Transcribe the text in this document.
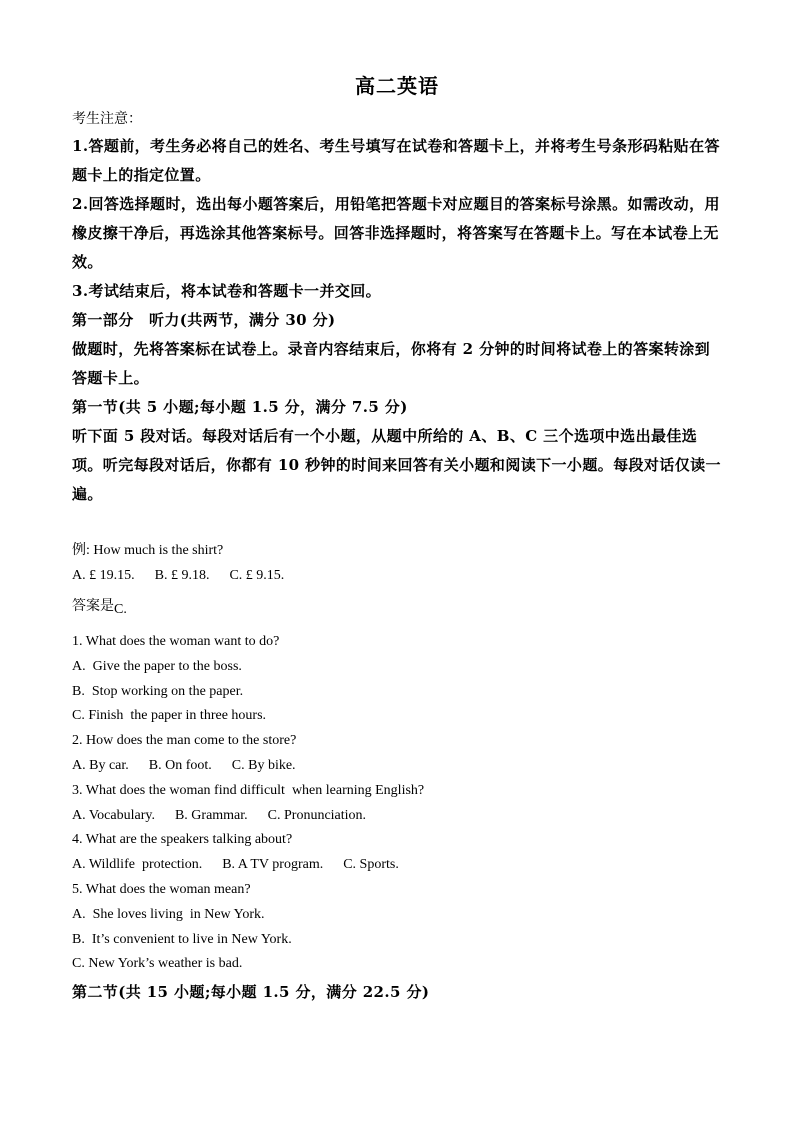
高二英语

考生注意：

1.答题前，考生务必将自己的姓名、考生号填写在试卷和答题卡上，并将考生号条形码粘贴在答题卡上的指定位置。

2.回答选择题时，选出每小题答案后，用铅笔把答题卡对应题目的答案标号涂黑。如需改动，用橡皮擦干净后，再选涂其他答案标号。回答非选择题时，将答案写在答题卡上。写在本试卷上无效。

3.考试结束后，将本试卷和答题卡一并交回。

第一部分　听力(共两节，满分 30 分)

做题时，先将答案标在试卷上。录音内容结束后，你将有 2 分钟的时间将试卷上的答案转涂到答题卡上。

第一节(共 5 小题;每小题 1.5 分，满分 7.5 分)

听下面 5 段对话。每段对话后有一个小题，从题中所给的 A、B、C 三个选项中选出最佳选项。听完每段对话后，你都有 10 秒钟的时间来回答有关小题和阅读下一小题。每段对话仅读一遍。

例: How much is the shirt?

A. £ 19.15. B. £ 9.18. C. £ 9.15.

答案是C.

1. What does the woman want to do?

A.  Give the paper to the boss.

B.  Stop working on the paper.

C. Finish  the paper in three hours.

2. How does the man come to the store?

A. By car. B. On foot. C. By bike.

3. What does the woman find difficult  when learning English?

A. Vocabulary. B. Grammar. C. Pronunciation.

4. What are the speakers talking about?

A. Wildlife  protection. B. A TV program. C. Sports.

5. What does the woman mean?

A.  She loves living  in New York.

B.  It’s convenient to live in New York.

C. New York’s weather is bad.

第二节(共 15 小题;每小题 1.5 分，满分 22.5 分)
